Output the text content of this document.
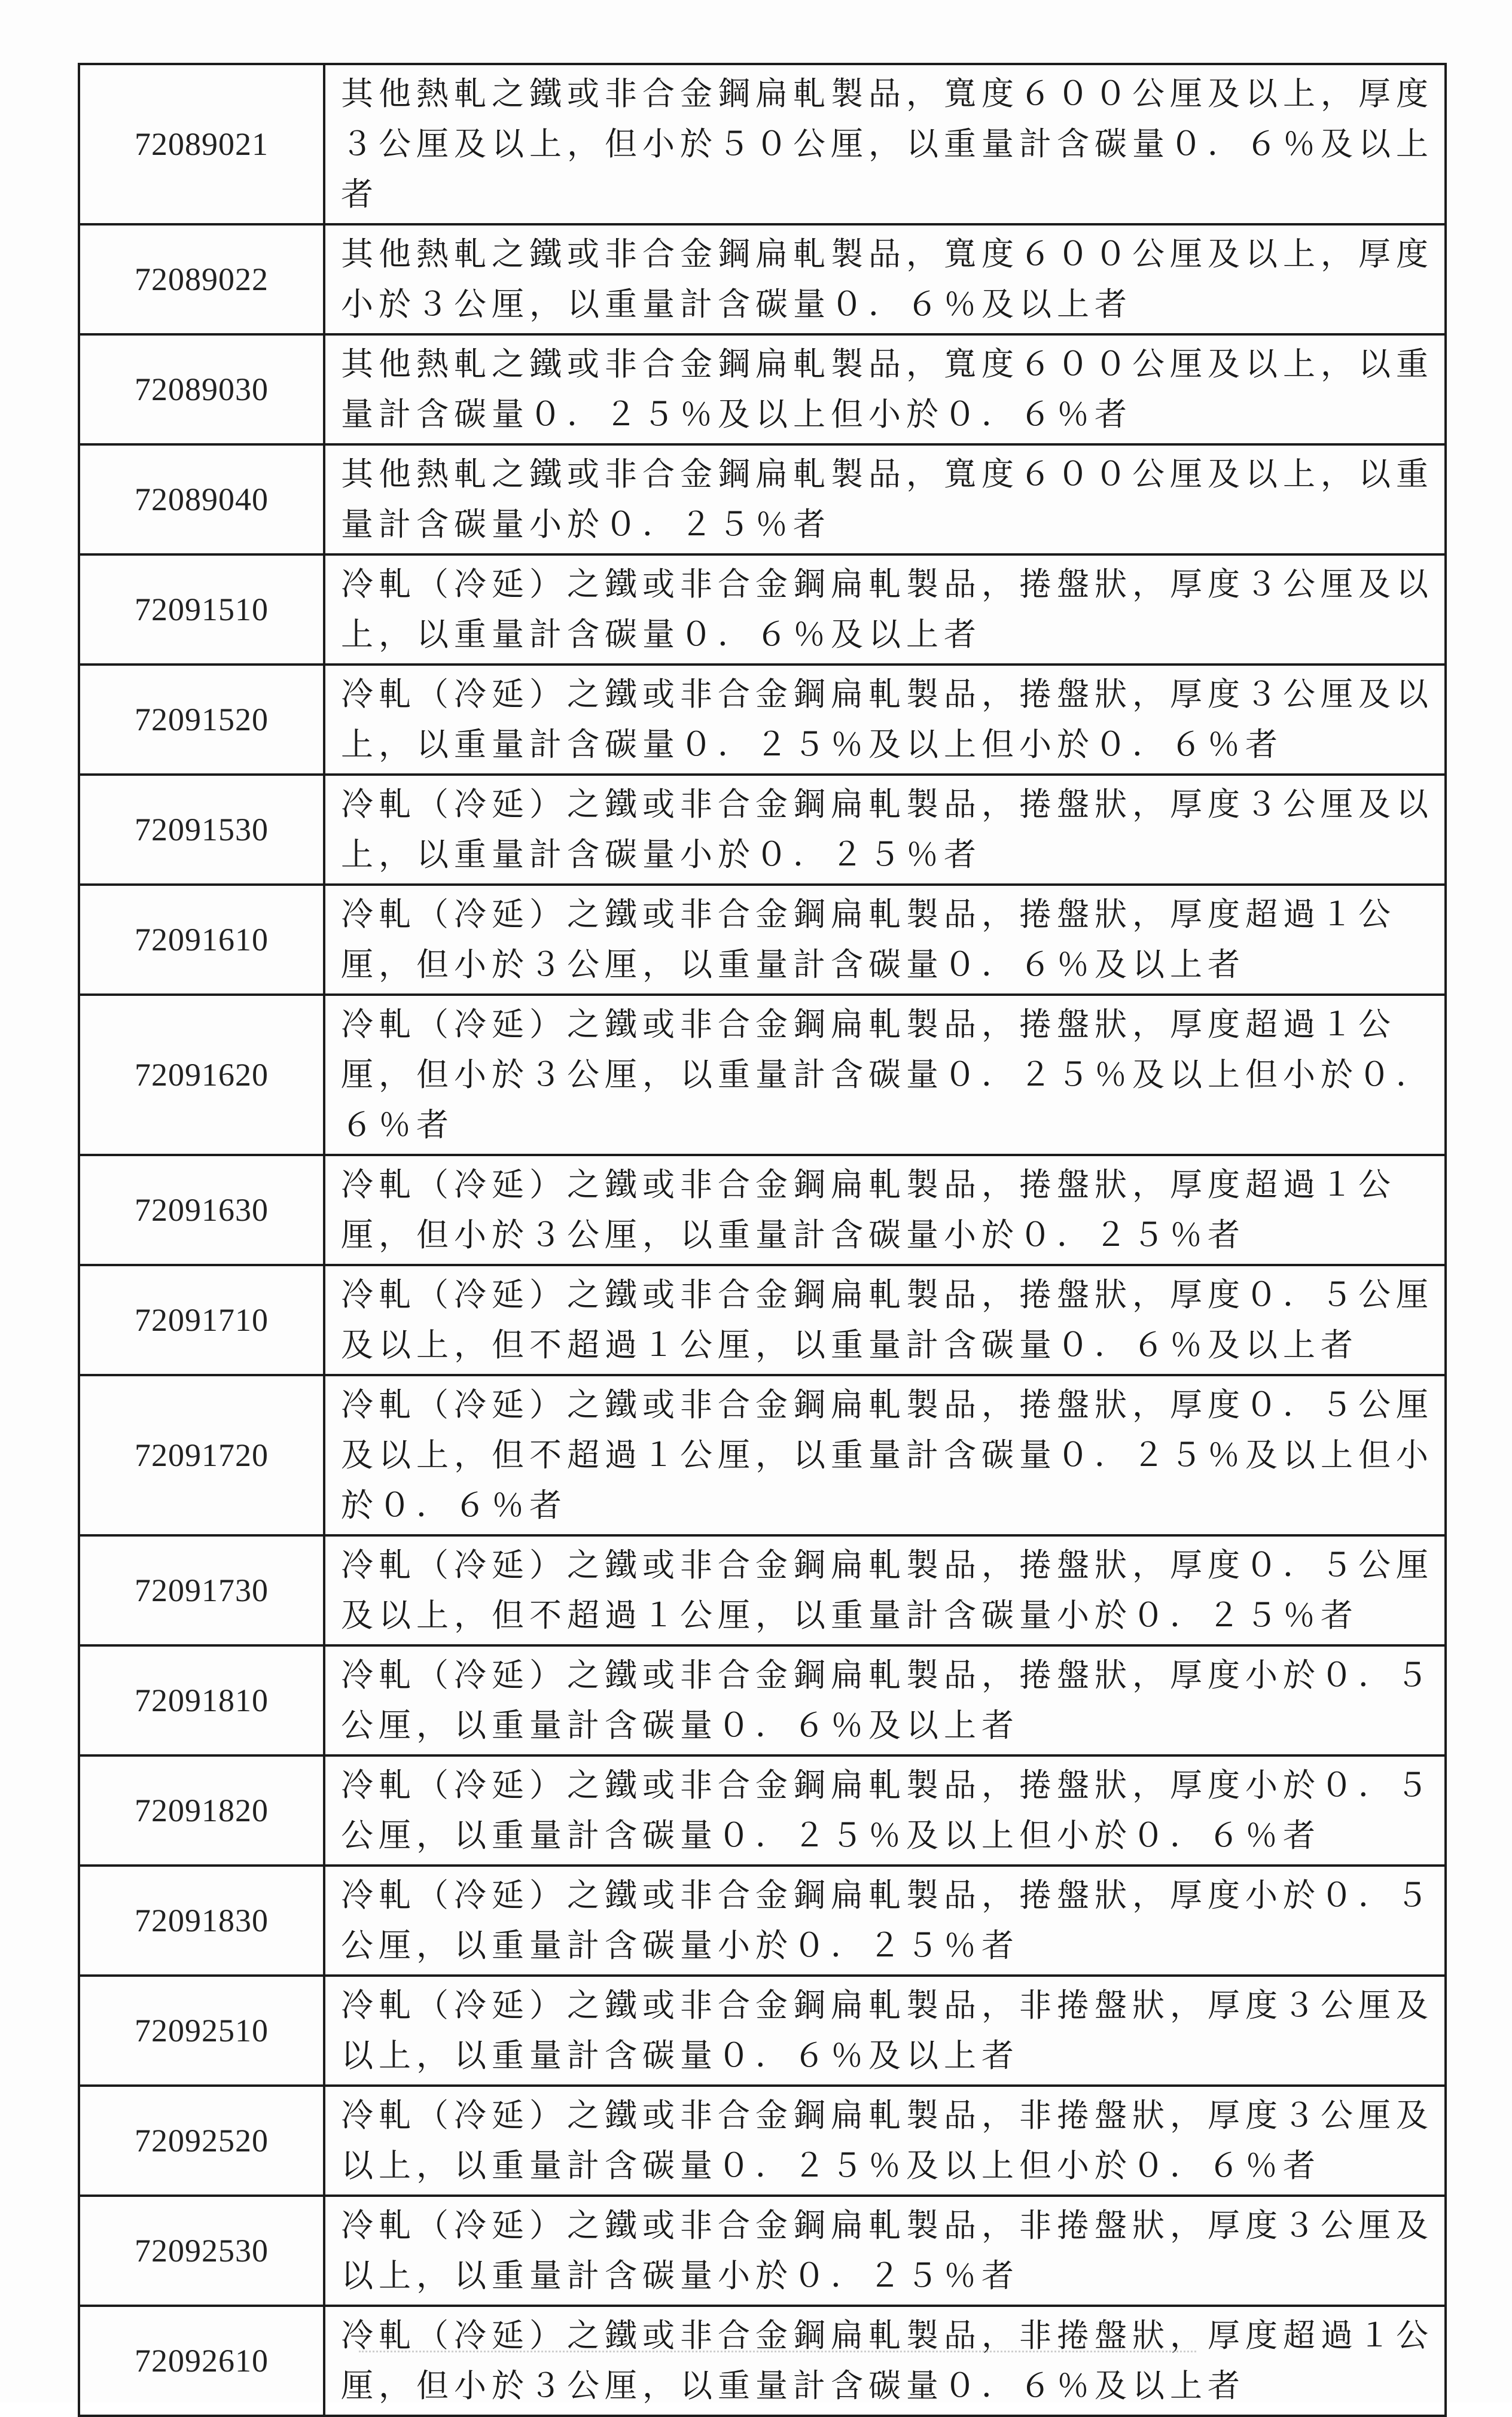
72089021	其他熱軋之鐵或非合金鋼扁軋製品，寬度６００公厘及以上，厚度３公厘及以上，但小於５０公厘，以重量計含碳量０．６％及以上者
72089022	其他熱軋之鐵或非合金鋼扁軋製品，寬度６００公厘及以上，厚度小於３公厘，以重量計含碳量０．６％及以上者
72089030	其他熱軋之鐵或非合金鋼扁軋製品，寬度６００公厘及以上，以重量計含碳量０．２５％及以上但小於０．６％者
72089040	其他熱軋之鐵或非合金鋼扁軋製品，寬度６００公厘及以上，以重量計含碳量小於０．２５％者
72091510	冷軋（冷延）之鐵或非合金鋼扁軋製品，捲盤狀，厚度３公厘及以上，以重量計含碳量０．６％及以上者
72091520	冷軋（冷延）之鐵或非合金鋼扁軋製品，捲盤狀，厚度３公厘及以上，以重量計含碳量０．２５％及以上但小於０．６％者
72091530	冷軋（冷延）之鐵或非合金鋼扁軋製品，捲盤狀，厚度３公厘及以上，以重量計含碳量小於０．２５％者
72091610	冷軋（冷延）之鐵或非合金鋼扁軋製品，捲盤狀，厚度超過１公厘，但小於３公厘，以重量計含碳量０．６％及以上者
72091620	冷軋（冷延）之鐵或非合金鋼扁軋製品，捲盤狀，厚度超過１公厘，但小於３公厘，以重量計含碳量０．２５％及以上但小於０．６％者
72091630	冷軋（冷延）之鐵或非合金鋼扁軋製品，捲盤狀，厚度超過１公厘，但小於３公厘，以重量計含碳量小於０．２５％者
72091710	冷軋（冷延）之鐵或非合金鋼扁軋製品，捲盤狀，厚度０．５公厘及以上，但不超過１公厘，以重量計含碳量０．６％及以上者
72091720	冷軋（冷延）之鐵或非合金鋼扁軋製品，捲盤狀，厚度０．５公厘及以上，但不超過１公厘，以重量計含碳量０．２５％及以上但小於０．６％者
72091730	冷軋（冷延）之鐵或非合金鋼扁軋製品，捲盤狀，厚度０．５公厘及以上，但不超過１公厘，以重量計含碳量小於０．２５％者
72091810	冷軋（冷延）之鐵或非合金鋼扁軋製品，捲盤狀，厚度小於０．５公厘，以重量計含碳量０．６％及以上者
72091820	冷軋（冷延）之鐵或非合金鋼扁軋製品，捲盤狀，厚度小於０．５公厘，以重量計含碳量０．２５％及以上但小於０．６％者
72091830	冷軋（冷延）之鐵或非合金鋼扁軋製品，捲盤狀，厚度小於０．５公厘，以重量計含碳量小於０．２５％者
72092510	冷軋（冷延）之鐵或非合金鋼扁軋製品，非捲盤狀，厚度３公厘及以上，以重量計含碳量０．６％及以上者
72092520	冷軋（冷延）之鐵或非合金鋼扁軋製品，非捲盤狀，厚度３公厘及以上，以重量計含碳量０．２５％及以上但小於０．６％者
72092530	冷軋（冷延）之鐵或非合金鋼扁軋製品，非捲盤狀，厚度３公厘及以上，以重量計含碳量小於０．２５％者
72092610	冷軋（冷延）之鐵或非合金鋼扁軋製品，非捲盤狀，厚度超過１公厘，但小於３公厘，以重量計含碳量０．６％及以上者
